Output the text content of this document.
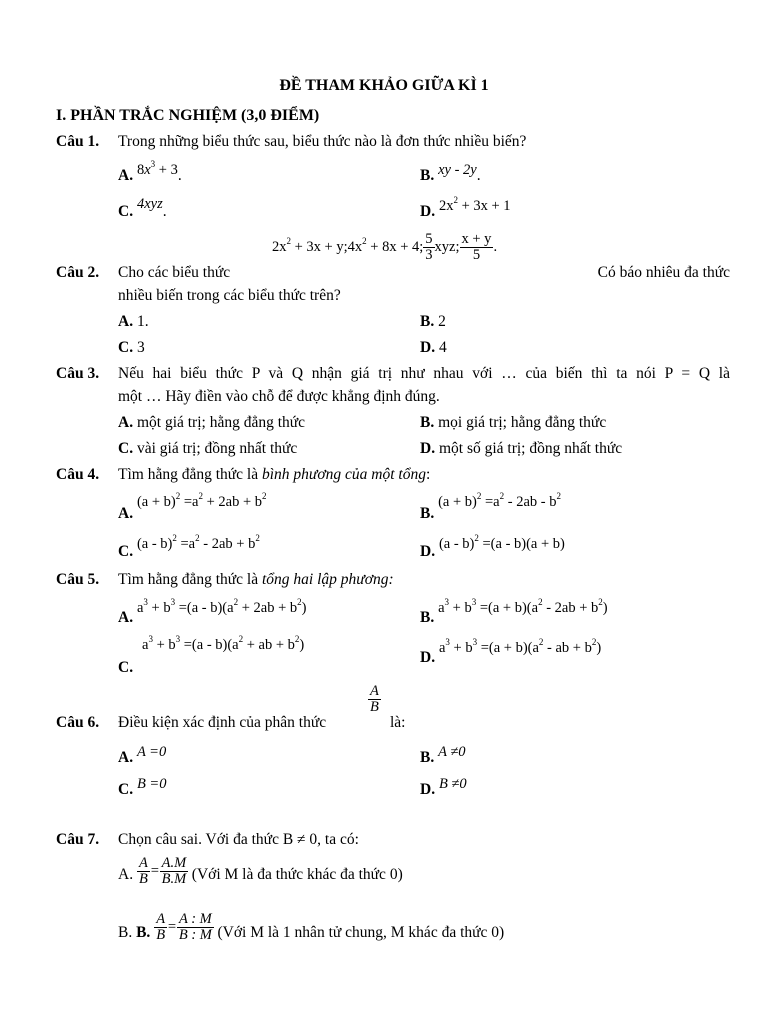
ĐỀ THAM KHẢO GIỮA KÌ 1
I. PHẦN TRẮC NGHIỆM (3,0 ĐIỂM)
Câu 1. Trong những biểu thức sau, biểu thức nào là đơn thức nhiều biến?
A. $8x^3 + 3$.	B. xy - 2y.
C. 4xyz.	D. $2x^2 + 3x + 1$
$2x^2 + 3x$ + $y;4x^2 + 8x + 4$; $\frac{5}{3}$ xyz; $\frac{x + y}{5}$ .
Câu 2. Cho các biểu thức	Có báo nhiêu đa thức
nhiều biến trong các biểu thức trên?
A. 1.	B. 2
C. 3	D. 4
Câu 3. Nếu hai biểu thức P và Q nhận giá trị như nhau với … của biến thì ta nói P = Q là
một … Hãy điền vào chỗ để được khẳng định đúng.
A. một giá trị; hằng đẳng thức	B. mọi giá trị; hằng đẳng thức
C. vài giá trị; đồng nhất thức	D. một số giá trị; đồng nhất thức
Câu 4. Tìm hằng đẳng thức là bình phương của một tổng:
A. $(a + b)^2 =a^2 + 2ab + b^2$
B. $(a + b)^2 =a^2 - 2ab - b^2$
C. $(a - b)^2 =a^2 - 2ab + b^2$
D. (a - b)$^2$ =(a - b)(a + b)
Câu 5. Tìm hằng đẳng thức là tổng hai lập phương:
A. $a^3 + b^3 =(a - b)(a^2 + 2ab + b^2)$
B. $a^3 + b^3 =(a + b)(a^2 - 2ab + b^2)$
$a^3 + b^3 =(a - b)(a^2$ + ab + $b^2$)
C.
D. $a^3 + b^3 =(a + b)(a^2$ - ab + $b^2$)
$\frac{A}{B}$
Câu 6. Điều kiện xác định của phân thức	là:
A. A =0	B. A ≠0
C. B =0	D. B ≠0
Câu 7. Chọn câu sai. Với đa thức B ≠ 0, ta có:
A. $\frac{A}{B} = \frac{A.M}{B.M}$ (Với M là đa thức khác đa thức 0)
B. B. $\frac{A}{B} = \frac{A : M}{B : M}$ (Với M là 1 nhân tử chung, M khác đa thức 0)
